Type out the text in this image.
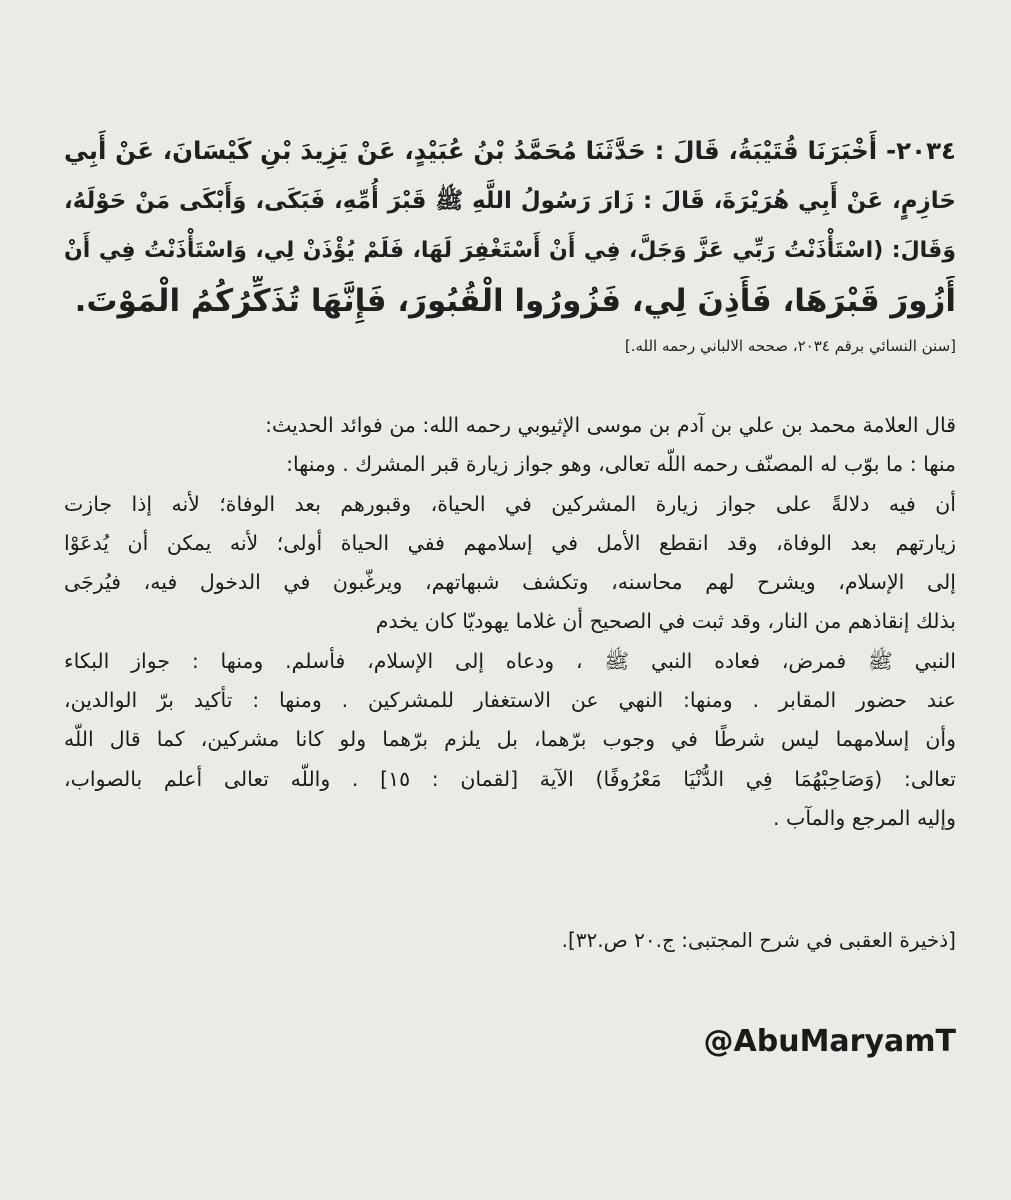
٢٠٣٤- أَخْبَرَنَا قُتَيْبَةُ، قَالَ : حَدَّثَنَا مُحَمَّدُ بْنُ عُبَيْدٍ، عَنْ يَزِيدَ بْنِ كَيْسَانَ، عَنْ أَبِي
حَازِمٍ، عَنْ أَبِي هُرَيْرَةَ، قَالَ : زَارَ رَسُولُ اللَّهِ ﷺ قَبْرَ أُمِّهِ، فَبَكَى، وَأَبْكَى مَنْ حَوْلَهُ،
وَقَالَ: (اسْتَأْذَنْتُ رَبِّي عَزَّ وَجَلَّ، فِي أَنْ أَسْتَغْفِرَ لَهَا، فَلَمْ يُؤْذَنْ لِي، وَاسْتَأْذَنْتُ فِي أَنْ
أَزُورَ قَبْرَهَا، فَأَذِنَ لِي، فَزُورُوا الْقُبُورَ، فَإِنَّهَا تُذَكِّرُكُمُ الْمَوْتَ.
[سنن النسائي برقم ٢٠٣٤، صححه الالباني رحمه الله.]
قال العلامة محمد بن علي بن آدم بن موسى الإثيوبي رحمه الله: من فوائد الحديث:
منها : ما بوّب له المصنّف رحمه اللّه تعالى، وهو جواز زيارة قبر المشرك . ومنها:
أن فيه دلالةً على جواز زيارة المشركين في الحياة، وقبورهم بعد الوفاة؛ لأنه إذا جازت
زيارتهم بعد الوفاة، وقد انقطع الأمل في إسلامهم ففي الحياة أولى؛ لأنه يمكن أن يُدعَوْا
إلى الإسلام، ويشرح لهم محاسنه، وتكشف شبهاتهم، ويرغّبون في الدخول فيه، فيُرجَى
بذلك إنقاذهم من النار، وقد ثبت في الصحيح أن غلاما يهوديّا كان يخدم
النبي ﷺ فمرض، فعاده النبي ﷺ ، ودعاه إلى الإسلام، فأسلم. ومنها : جواز البكاء
عند حضور المقابر . ومنها: النهي عن الاستغفار للمشركين . ومنها : تأكيد برّ الوالدين،
وأن إسلامهما ليس شرطًا في وجوب برّهما، بل يلزم برّهما ولو كانا مشركين، كما قال اللّه
تعالى: (وَصَاحِبْهُمَا فِي الدُّنْيَا مَعْرُوفًا) الآية [لقمان : ١٥] . واللّه تعالى أعلم بالصواب،
وإليه المرجع والمآب .
[ذخيرة العقبى في شرح المجتبى: ج.٢٠ ص.٣٢].
@AbuMaryamT
